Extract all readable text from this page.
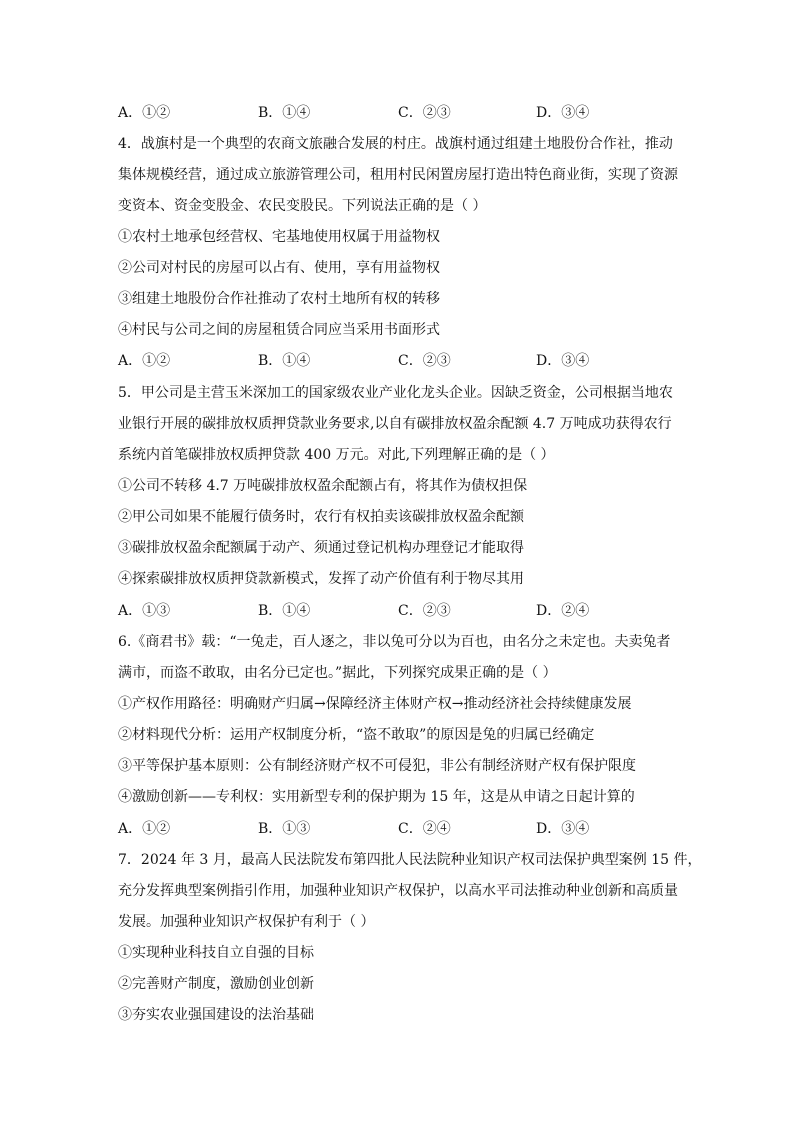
A．①②	B．①④	C．②③	D．③④
4．战旗村是一个典型的农商文旅融合发展的村庄。战旗村通过组建土地股份合作社，推动
集体规模经营，通过成立旅游管理公司，租用村民闲置房屋打造出特色商业街，实现了资源
变资本、资金变股金、农民变股民。下列说法正确的是（ ）
①农村土地承包经营权、宅基地使用权属于用益物权
②公司对村民的房屋可以占有、使用，享有用益物权
③组建土地股份合作社推动了农村土地所有权的转移
④村民与公司之间的房屋租赁合同应当采用书面形式
A．①②	B．①④	C．②③	D．③④
5．甲公司是主营玉米深加工的国家级农业产业化龙头企业。因缺乏资金，公司根据当地农
业银行开展的碳排放权质押贷款业务要求,以自有碳排放权盈余配额 4.7 万吨成功获得农行
系统内首笔碳排放权质押贷款 400 万元。对此,下列理解正确的是（ ）
①公司不转移 4.7 万吨碳排放权盈余配额占有，将其作为债权担保
②甲公司如果不能履行债务时，农行有权拍卖该碳排放权盈余配额
③碳排放权盈余配额属于动产、须通过登记机构办理登记才能取得
④探索碳排放权质押贷款新模式，发挥了动产价值有利于物尽其用
A．①③	B．①④	C．②③	D．②④
6.《商君书》载：“一兔走，百人逐之，非以兔可分以为百也，由名分之未定也。夫卖兔者
满市，而盗不敢取，由名分已定也。”据此，下列探究成果正确的是（ ）
①产权作用路径：明确财产归属→保障经济主体财产权→推动经济社会持续健康发展
②材料现代分析：运用产权制度分析，“盗不敢取”的原因是兔的归属已经确定
③平等保护基本原则：公有制经济财产权不可侵犯，非公有制经济财产权有保护限度
④激励创新——专利权：实用新型专利的保护期为 15 年，这是从申请之日起计算的
A．①②	B．①③	C．②④	D．③④
7．2024 年 3 月，最高人民法院发布第四批人民法院种业知识产权司法保护典型案例 15 件，
充分发挥典型案例指引作用，加强种业知识产权保护，以高水平司法推动种业创新和高质量
发展。加强种业知识产权保护有利于（ ）
①实现种业科技自立自强的目标
②完善财产制度，激励创业创新
③夯实农业强国建设的法治基础
